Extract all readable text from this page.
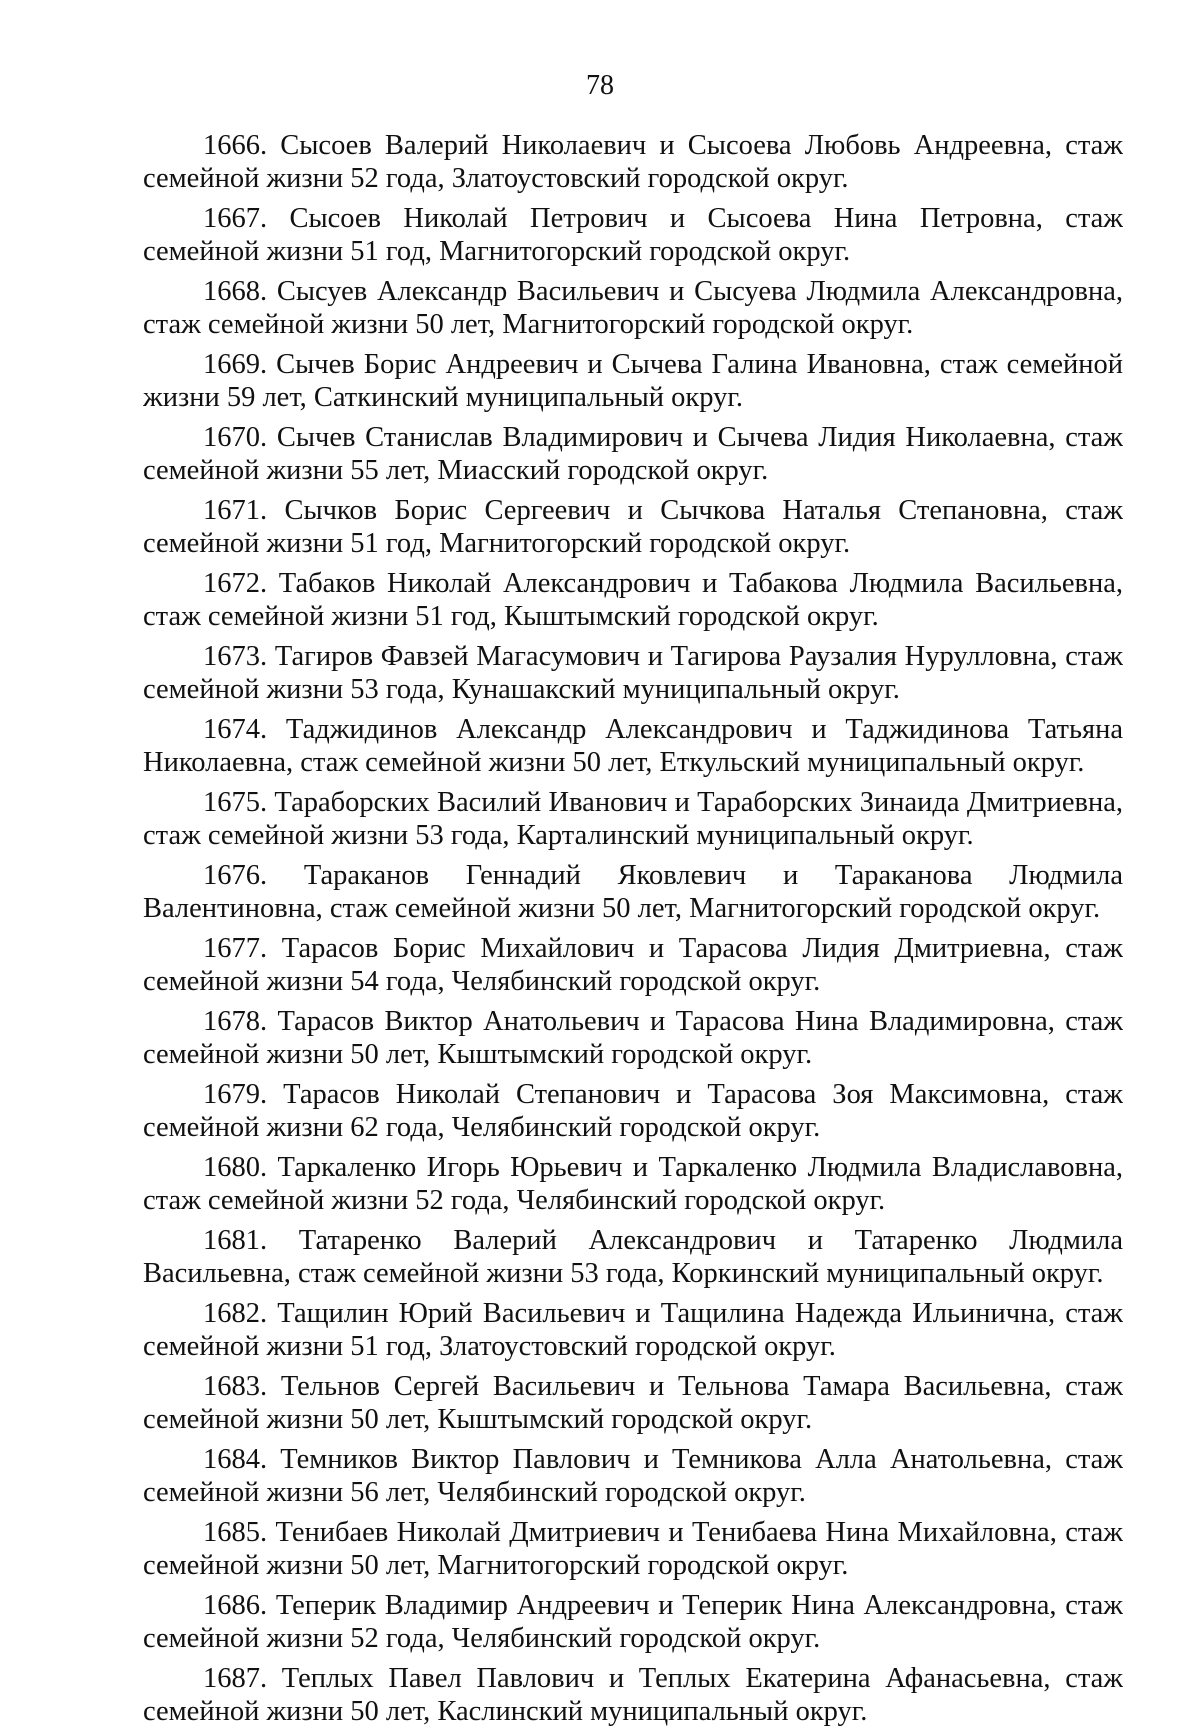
78

1666. Сысоев Валерий Николаевич и Сысоева Любовь Андреевна, стаж семейной жизни 52 года, Златоустовский городской округ.

1667. Сысоев Николай Петрович и Сысоева Нина Петровна, стаж семейной жизни 51 год, Магнитогорский городской округ.

1668. Сысуев Александр Васильевич и Сысуева Людмила Александровна, стаж семейной жизни 50 лет, Магнитогорский городской округ.

1669. Сычев Борис Андреевич и Сычева Галина Ивановна, стаж семейной жизни 59 лет, Саткинский муниципальный округ.

1670. Сычев Станислав Владимирович и Сычева Лидия Николаевна, стаж семейной жизни 55 лет, Миасский городской округ.

1671. Сычков Борис Сергеевич и Сычкова Наталья Степановна, стаж семейной жизни 51 год, Магнитогорский городской округ.

1672. Табаков Николай Александрович и Табакова Людмила Васильевна, стаж семейной жизни 51 год, Кыштымский городской округ.

1673. Тагиров Фавзей Магасумович и Тагирова Раузалия Нурулловна, стаж семейной жизни 53 года, Кунашакский муниципальный округ.

1674. Таджидинов Александр Александрович и Таджидинова Татьяна Николаевна, стаж семейной жизни 50 лет, Еткульский муниципальный округ.

1675. Тараборских Василий Иванович и Тараборских Зинаида Дмитриевна, стаж семейной жизни 53 года, Карталинский муниципальный округ.

1676. Тараканов Геннадий Яковлевич и Тараканова Людмила Валентиновна, стаж семейной жизни 50 лет, Магнитогорский городской округ.

1677. Тарасов Борис Михайлович и Тарасова Лидия Дмитриевна, стаж семейной жизни 54 года, Челябинский городской округ.

1678. Тарасов Виктор Анатольевич и Тарасова Нина Владимировна, стаж семейной жизни 50 лет, Кыштымский городской округ.

1679. Тарасов Николай Степанович и Тарасова Зоя Максимовна, стаж семейной жизни 62 года, Челябинский городской округ.

1680. Таркаленко Игорь Юрьевич и Таркаленко Людмила Владиславовна, стаж семейной жизни 52 года, Челябинский городской округ.

1681. Татаренко Валерий Александрович и Татаренко Людмила Васильевна, стаж семейной жизни 53 года, Коркинский муниципальный округ.

1682. Тащилин Юрий Васильевич и Тащилина Надежда Ильинична, стаж семейной жизни 51 год, Златоустовский городской округ.

1683. Тельнов Сергей Васильевич и Тельнова Тамара Васильевна, стаж семейной жизни 50 лет, Кыштымский городской округ.

1684. Темников Виктор Павлович и Темникова Алла Анатольевна, стаж семейной жизни 56 лет, Челябинский городской округ.

1685. Тенибаев Николай Дмитриевич и Тенибаева Нина Михайловна, стаж семейной жизни 50 лет, Магнитогорский городской округ.

1686. Теперик Владимир Андреевич и Теперик Нина Александровна, стаж семейной жизни 52 года, Челябинский городской округ.

1687. Теплых Павел Павлович и Теплых Екатерина Афанасьевна, стаж семейной жизни 50 лет, Каслинский муниципальный округ.
